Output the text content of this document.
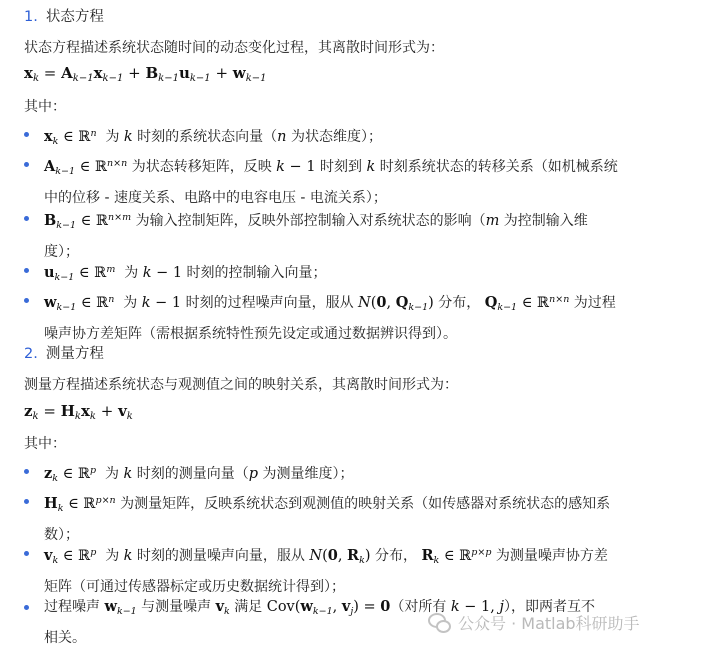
1. 状态方程
状态方程描述系统状态随时间的动态变化过程，其离散时间形式为：
$x_k = A_{k-1}x_{k-1} + B_{k-1}u_{k-1} + w_{k-1}$
其中：
$x_k$ ∈ ℝ$^n$  为 k 时刻的系统状态向量（n 为状态维度）；
$A_{k-1}$ ∈ ℝ$^{n\times n}$ 为状态转移矩阵，反映 k − 1 时刻到 k 时刻系统状态的转移关系（如机械系统
中的位移 - 速度关系、电路中的电容电压 - 电流关系）；
$B_{k-1}$ ∈ ℝ$^{n\times m}$ 为输入控制矩阵，反映外部控制输入对系统状态的影响（m 为控制输入维
度）；
$u_{k-1}$ ∈ ℝ$^m$  为 k − 1 时刻的控制输入向量；
$w_{k-1}$ ∈ ℝ$^n$  为 k − 1 时刻的过程噪声向量，服从 N(0, $Q_{k-1}$) 分布， $Q_{k-1}$ ∈ ℝ$^{n\times n}$ 为过程
噪声协方差矩阵（需根据系统特性预先设定或通过数据辨识得到）。
2. 测量方程
测量方程描述系统状态与观测值之间的映射关系，其离散时间形式为：
$z_k = H_kx_k + v_k$
其中：
$z_k$ ∈ ℝ$^p$  为 k 时刻的测量向量（p 为测量维度）；
$H_k$ ∈ ℝ$^{p\times n}$ 为测量矩阵，反映系统状态到观测值的映射关系（如传感器对系统状态的感知系
数）；
$v_k$ ∈ ℝ$^p$  为 k 时刻的测量噪声向量，服从 N(0, $R_k$) 分布， $R_k$ ∈ ℝ$^{p\times p}$ 为测量噪声协方差
矩阵（可通过传感器标定或历史数据统计得到）；
过程噪声 $w_{k-1}$ 与测量噪声 $v_k$ 满足 $Cov(w_{k-1}$, $v_j) = 0$（对所有 k − 1, j），即两者互不
相关。
公众号 · Matlab科研助手
